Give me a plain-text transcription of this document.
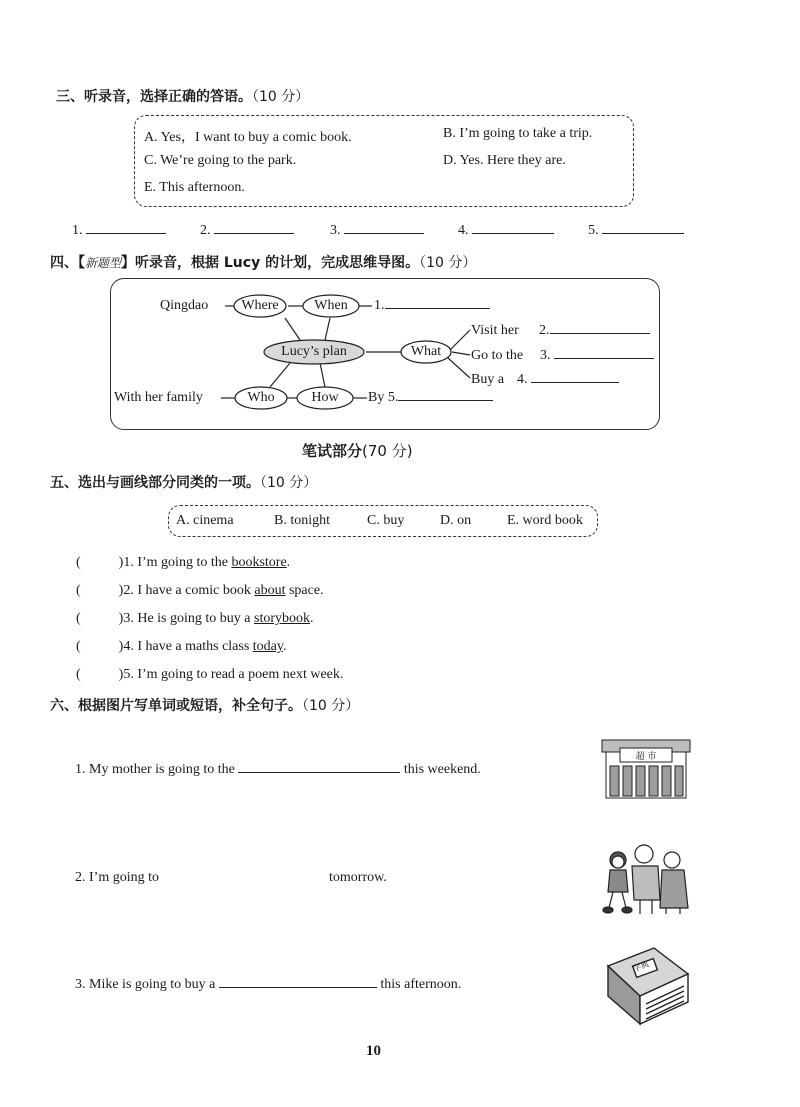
三、听录音，选择正确的答语。（10 分）
A. Yes，I want to buy a comic book.	B. I’m going to take a trip.
C. We’re going to the park.	D. Yes. Here they are.
E. This afternoon.
1.	2.	3.	4.	5.
四、【新题型】听录音，根据 Lucy 的计划，完成思维导图。（10 分）
Qingdao Where	When 1.
Lucy’s plan	What
Visit her 2.
Go to the 3.
Buy a 4.
With her family	Who	How	By 5.
笔试部分(70 分)
五、选出与画线部分同类的一项。（10 分）
A. cinema	B. tonight	C. buy	D. on	E. word book
(	)1. I’m going to the bookstore.
(	)2. I have a comic book about space.
(	)3. He is going to buy a storybook.
(	)4. I have a maths class today.
(	)5. I’m going to read a poem next week.
六、根据图片写单词或短语，补全句子。（10 分）
1. My mother is going to the	this weekend.
2. I’m going to	tomorrow.
3. Mike is going to buy a	this afternoon.
超 市
字典
10
